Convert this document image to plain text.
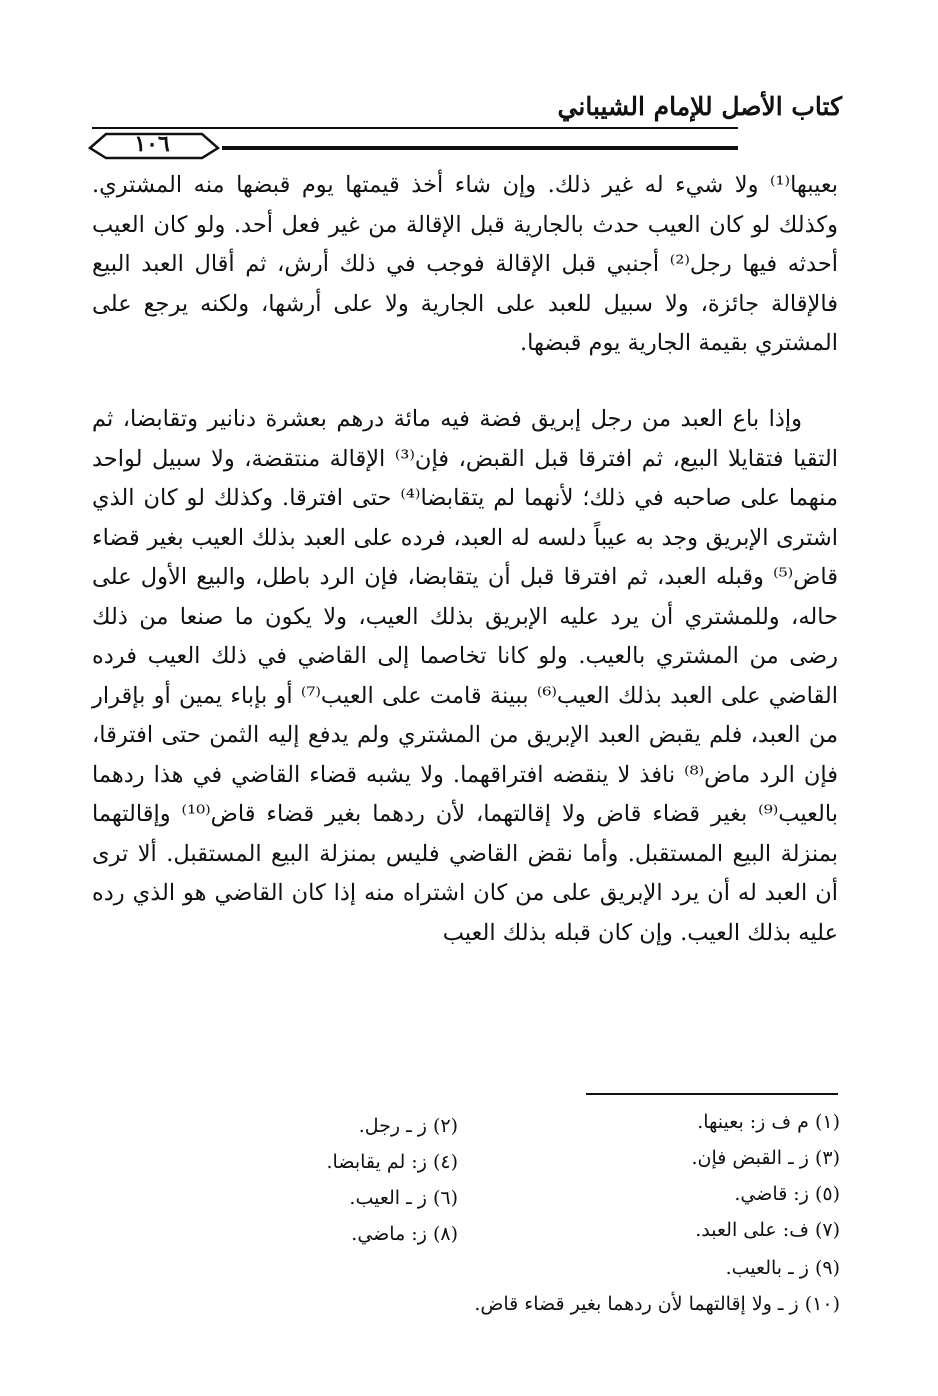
كتاب الأصل للإمام الشيباني
١٠٦

بعيبها⁽¹⁾ ولا شيء له غير ذلك. وإن شاء أخذ قيمتها يوم قبضها منه المشتري. وكذلك لو كان العيب حدث بالجارية قبل الإقالة من غير فعل أحد. ولو كان العيب أحدثه فيها رجل⁽²⁾ أجنبي قبل الإقالة فوجب في ذلك أرش، ثم أقال العبد البيع فالإقالة جائزة، ولا سبيل للعبد على الجارية ولا على أرشها، ولكنه يرجع على المشتري بقيمة الجارية يوم قبضها.

وإذا باع العبد من رجل إبريق فضة فيه مائة درهم بعشرة دنانير وتقابضا، ثم التقيا فتقايلا البيع، ثم افترقا قبل القبض، فإن⁽³⁾ الإقالة منتقضة، ولا سبيل لواحد منهما على صاحبه في ذلك؛ لأنهما لم يتقابضا⁽⁴⁾ حتى افترقا. وكذلك لو كان الذي اشترى الإبريق وجد به عيباً دلسه له العبد، فرده على العبد بذلك العيب بغير قضاء قاض⁽⁵⁾ وقبله العبد، ثم افترقا قبل أن يتقابضا، فإن الرد باطل، والبيع الأول على حاله، وللمشتري أن يرد عليه الإبريق بذلك العيب، ولا يكون ما صنعا من ذلك رضى من المشتري بالعيب. ولو كانا تخاصما إلى القاضي في ذلك العيب فرده القاضي على العبد بذلك العيب⁽⁶⁾ ببينة قامت على العيب⁽⁷⁾ أو بإباء يمين أو بإقرار من العبد، فلم يقبض العبد الإبريق من المشتري ولم يدفع إليه الثمن حتى افترقا، فإن الرد ماض⁽⁸⁾ نافذ لا ينقضه افتراقهما. ولا يشبه قضاء القاضي في هذا ردهما بالعيب⁽⁹⁾ بغير قضاء قاض ولا إقالتهما، لأن ردهما بغير قضاء قاض⁽¹⁰⁾ وإقالتهما بمنزلة البيع المستقبل. وأما نقض القاضي فليس بمنزلة البيع المستقبل. ألا ترى أن العبد له أن يرد الإبريق على من كان اشتراه منه إذا كان القاضي هو الذي رده عليه بذلك العيب. وإن كان قبله بذلك العيب

(١) م ف ز: بعينها.
(٢) ز ـ رجل.
(٣) ز ـ القبض فإن.
(٤) ز: لم يقابضا.
(٥) ز: قاضي.
(٦) ز ـ العيب.
(٧) ف: على العبد.
(٨) ز: ماضي.
(٩) ز ـ بالعيب.
(١٠) ز ـ ولا إقالتهما لأن ردهما بغير قضاء قاض.
